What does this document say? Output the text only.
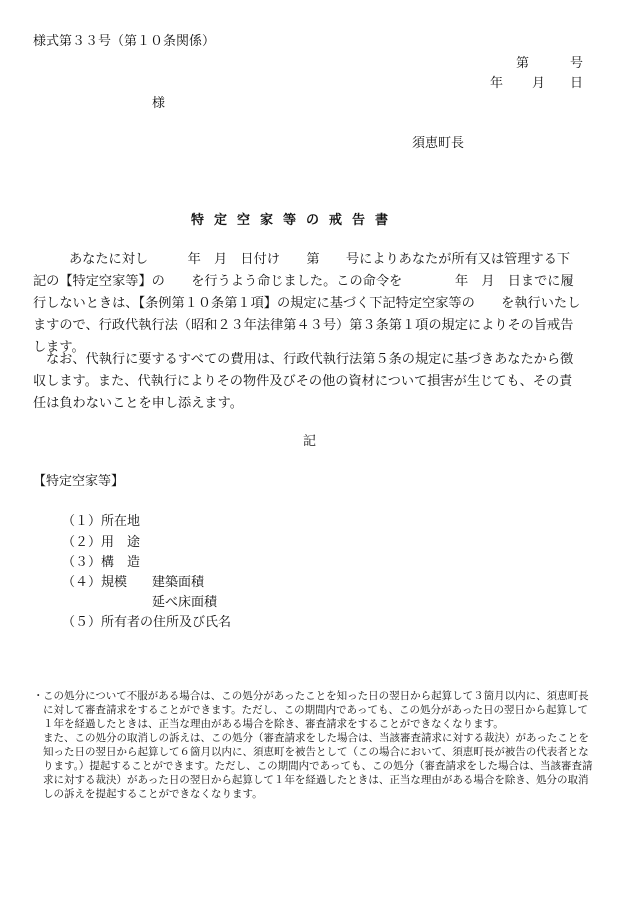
様式第３３号（第１０条関係）
第	号
年 月 日
様
須恵町長
特定空家等の戒告書
あなたに対し　　　年　月　日付け　　第　　号によりあなたが所有又は管理する下記の【特定空家等】の　　を行うよう命じました。この命令を　　　　年　月　日までに履行しないときは、【条例第１０条第１項】の規定に基づく下記特定空家等の　　を執行いたしますので、行政代執行法（昭和２３年法律第４３号）第３条第１項の規定によりその旨戒告します。
なお、代執行に要するすべての費用は、行政代執行法第５条の規定に基づきあなたから徴収します。また、代執行によりその物件及びその他の資材について損害が生じても、その責任は負わないことを申し添えます。
記
【特定空家等】
（１）所在地
（２）用　途
（３）構　造
（４）規模 建築面積
延べ床面積
（５）所有者の住所及び氏名
・ この処分について不服がある場合は、この処分があったことを知った日の翌日から起算して３箇月以内に、須恵町長に対して審査請求をすることができます。ただし、この期間内であっても、この処分があった日の翌日から起算して１年を経過したときは、正当な理由がある場合を除き、審査請求をすることができなくなります。

また、この処分の取消しの訴えは、この処分（審査請求をした場合は、当該審査請求に対する裁決）があったことを知った日の翌日から起算して６箇月以内に、須恵町を被告として（この場合において、須恵町長が被告の代表者となります。）提起することができます。ただし、この期間内であっても、この処分（審査請求をした場合は、当該審査請求に対する裁決）があった日の翌日から起算して１年を経過したときは、正当な理由がある場合を除き、処分の取消しの訴えを提起することができなくなります。
